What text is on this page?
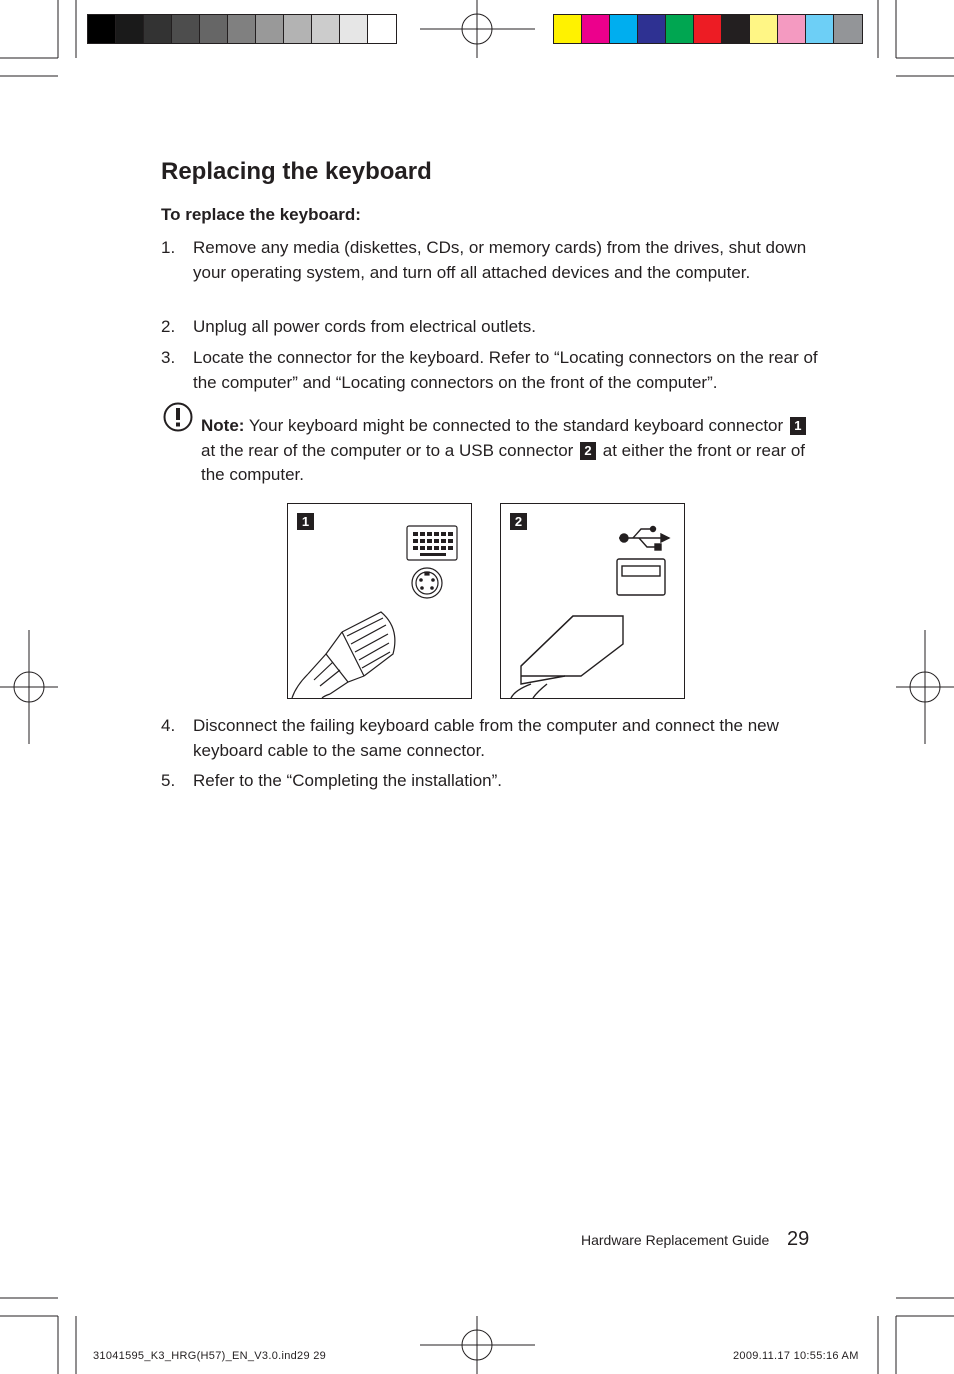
Replacing the keyboard
To replace the keyboard:
1. Remove any media (diskettes, CDs, or memory cards) from the drives, shut down your operating system, and turn off all attached devices and the computer.
2. Unplug all power cords from electrical outlets.
3. Locate the connector for the keyboard. Refer to “Locating connectors on the rear of the computer” and “Locating connectors on the front of the computer”.
Note: Your keyboard might be connected to the standard keyboard connector 1 at the rear of the computer or to a USB connector 2 at either the front or rear of the computer.
1	2
4. Disconnect the failing keyboard cable from the computer and connect the new keyboard cable to the same connector.
5. Refer to the “Completing the installation”.
Hardware Replacement Guide 29
31041595_K3_HRG(H57)_EN_V3.0.ind29 29	2009.11.17 10:55:16 AM
